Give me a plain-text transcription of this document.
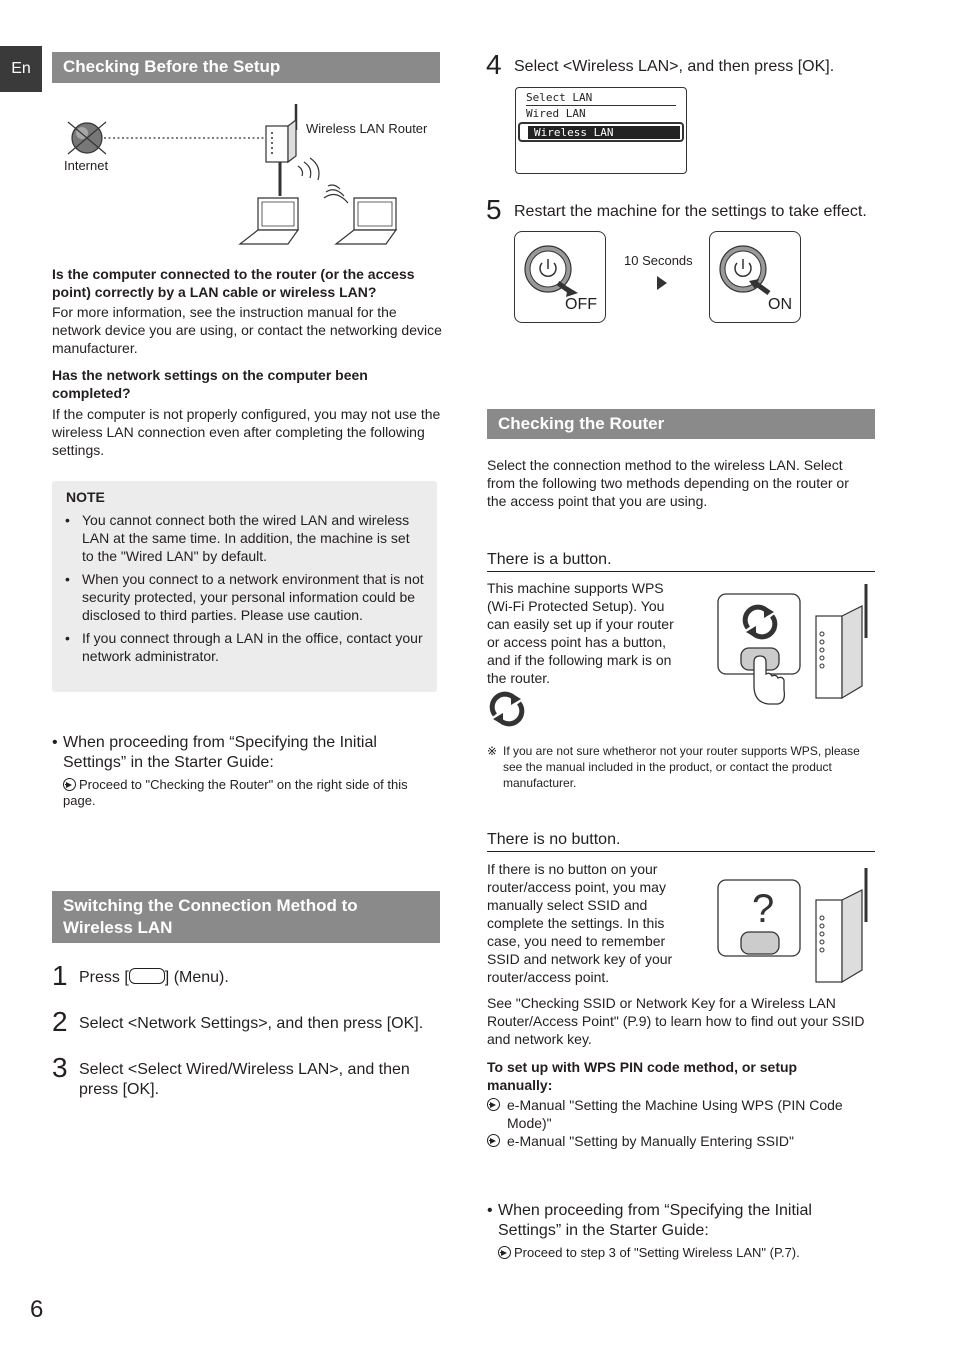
En	Checking Before the Setup
Internet
Wireless LAN Router
Is the computer connected to the router (or the access point) correctly by a LAN cable or wireless LAN?
For more information, see the instruction manual for the network device you are using, or contact the networking device manufacturer.
Has the network settings on the computer been completed?
If the computer is not properly configured, you may not use the wireless LAN connection even after completing the following settings.
NOTE
• You cannot connect both the wired LAN and wireless LAN at the same time. In addition, the machine is set to the "Wired LAN" by default.
• When you connect to a network environment that is not security protected, your personal information could be disclosed to third parties. Please use caution.
• If you connect through a LAN in the office, contact your network administrator.
• When proceeding from “Specifying the Initial Settings” in the Starter Guide:
Proceed to "Checking the Router" on the right side of this page.
Switching the Connection Method to Wireless LAN
1 Press [ ] (Menu).
2 Select <Network Settings>, and then press [OK].
3 Select <Select Wired/Wireless LAN>, and then press [OK].
4 Select <Wireless LAN>, and then press [OK].
Select LAN
Wired LAN
Wireless LAN
5 Restart the machine for the settings to take effect.
OFF
10 Seconds
ON
Checking the Router
Select the connection method to the wireless LAN. Select from the following two methods depending on the router or the access point that you are using.
There is a button.
This machine supports WPS (Wi-Fi Protected Setup). You can easily set up if your router or access point has a button, and if the following mark is on the router.
※ If you are not sure whetheror not your router supports WPS, please see the manual included in the product, or contact the product manufacturer.
There is no button.
If there is no button on your router/access point, you may manually select SSID and complete the settings. In this case, you need to remember SSID and network key of your router/access point.
?
See "Checking SSID or Network Key for a Wireless LAN Router/Access Point" (P.9) to learn how to find out your SSID and network key.
To set up with WPS PIN code method, or setup manually:
e-Manual "Setting the Machine Using WPS (PIN Code Mode)"
e-Manual "Setting by Manually Entering SSID"
• When proceeding from “Specifying the Initial Settings” in the Starter Guide:
Proceed to step 3 of "Setting Wireless LAN" (P.7).
6
